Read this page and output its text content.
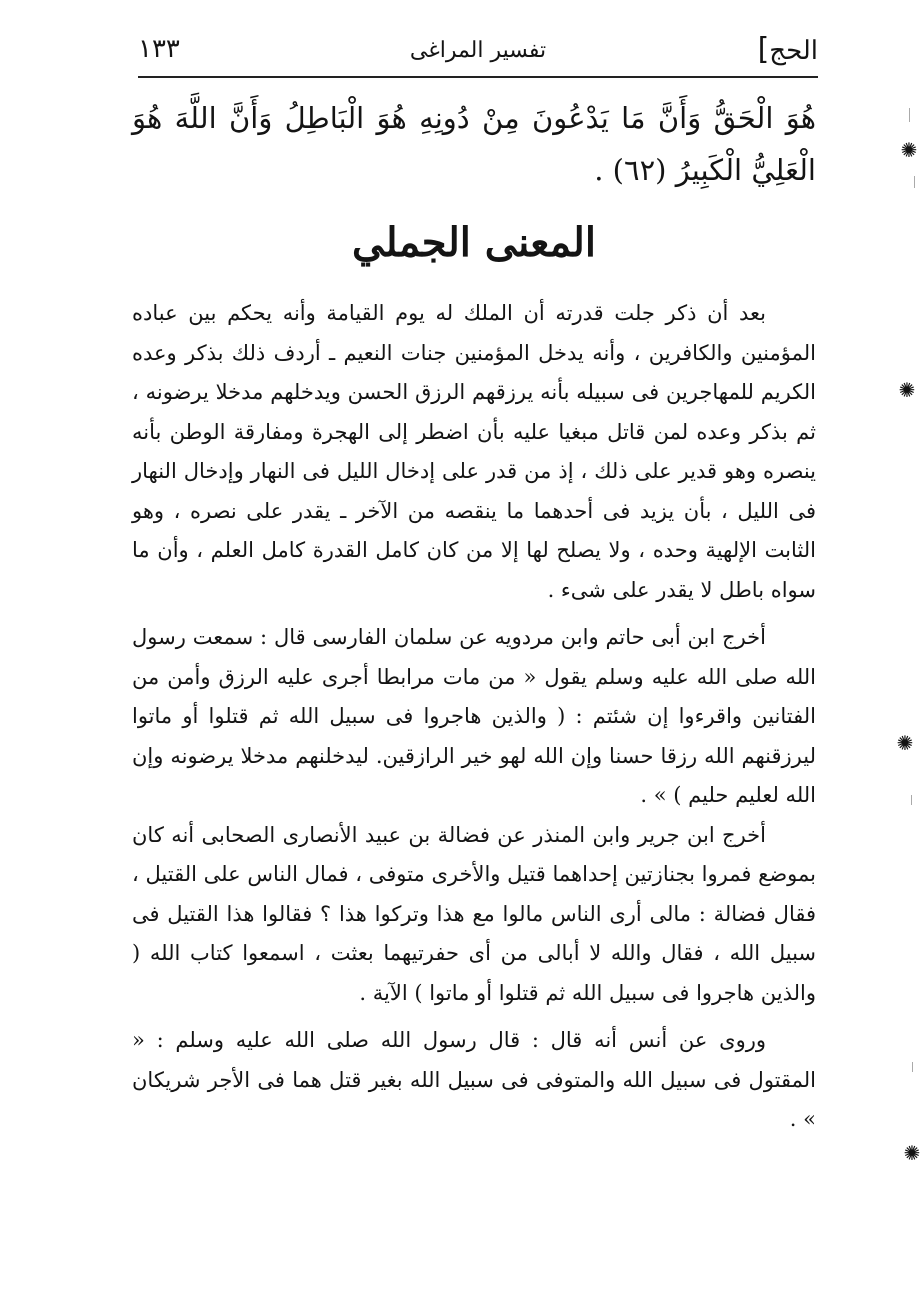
١٣٣	تفسير المراغى	الحج]

هُوَ الْحَقُّ وَأَنَّ مَا يَدْعُونَ مِنْ دُونِهِ هُوَ الْبَاطِلُ وَأَنَّ اللَّهَ هُوَ الْعَلِيُّ الْكَبِيرُ (٦٢) .

المعنى الجملي

بعد أن ذكر جلت قدرته أن الملك له يوم القيامة وأنه يحكم بين عباده المؤمنين والكافرين ، وأنه يدخل المؤمنين جنات النعيم ـ أردف ذلك بذكر وعده الكريم للمهاجرين فى سبيله بأنه يرزقهم الرزق الحسن ويدخلهم مدخلا يرضونه ، ثم بذكر وعده لمن قاتل مبغيا عليه بأن اضطر إلى الهجرة ومفارقة الوطن بأنه ينصره وهو قدير على ذلك ، إذ من قدر على إدخال الليل فى النهار وإدخال النهار فى الليل ، بأن يزيد فى أحدهما ما ينقصه من الآخر ـ يقدر على نصره ، وهو الثابت الإلهية وحده ، ولا يصلح لها إلا من كان كامل القدرة كامل العلم ، وأن ما سواه باطل لا يقدر على شىء .

أخرج ابن أبى حاتم وابن مردويه عن سلمان الفارسى قال : سمعت رسول الله صلى الله عليه وسلم يقول « من مات مرابطا أجرى عليه الرزق وأمن من الفتانين واقرءوا إن شئتم : ( والذين هاجروا فى سبيل الله ثم قتلوا أو ماتوا ليرزقنهم الله رزقا حسنا وإن الله لهو خير الرازقين. ليدخلنهم مدخلا يرضونه وإن الله لعليم حليم ) » .

أخرج ابن جرير وابن المنذر عن فضالة بن عبيد الأنصارى الصحابى أنه كان بموضع فمروا بجنازتين إحداهما قتيل والأخرى متوفى ، فمال الناس على القتيل ، فقال فضالة : مالى أرى الناس مالوا مع هذا وتركوا هذا ؟ فقالوا هذا القتيل فى سبيل الله ، فقال والله لا أبالى من أى حفرتيهما بعثت ، اسمعوا كتاب الله ( والذين هاجروا فى سبيل الله ثم قتلوا أو ماتوا ) الآية .

وروى عن أنس أنه قال : قال رسول الله صلى الله عليه وسلم : « المقتول فى سبيل الله والمتوفى فى سبيل الله بغير قتل هما فى الأجر شريكان » .

✺
✺
✺
✺
